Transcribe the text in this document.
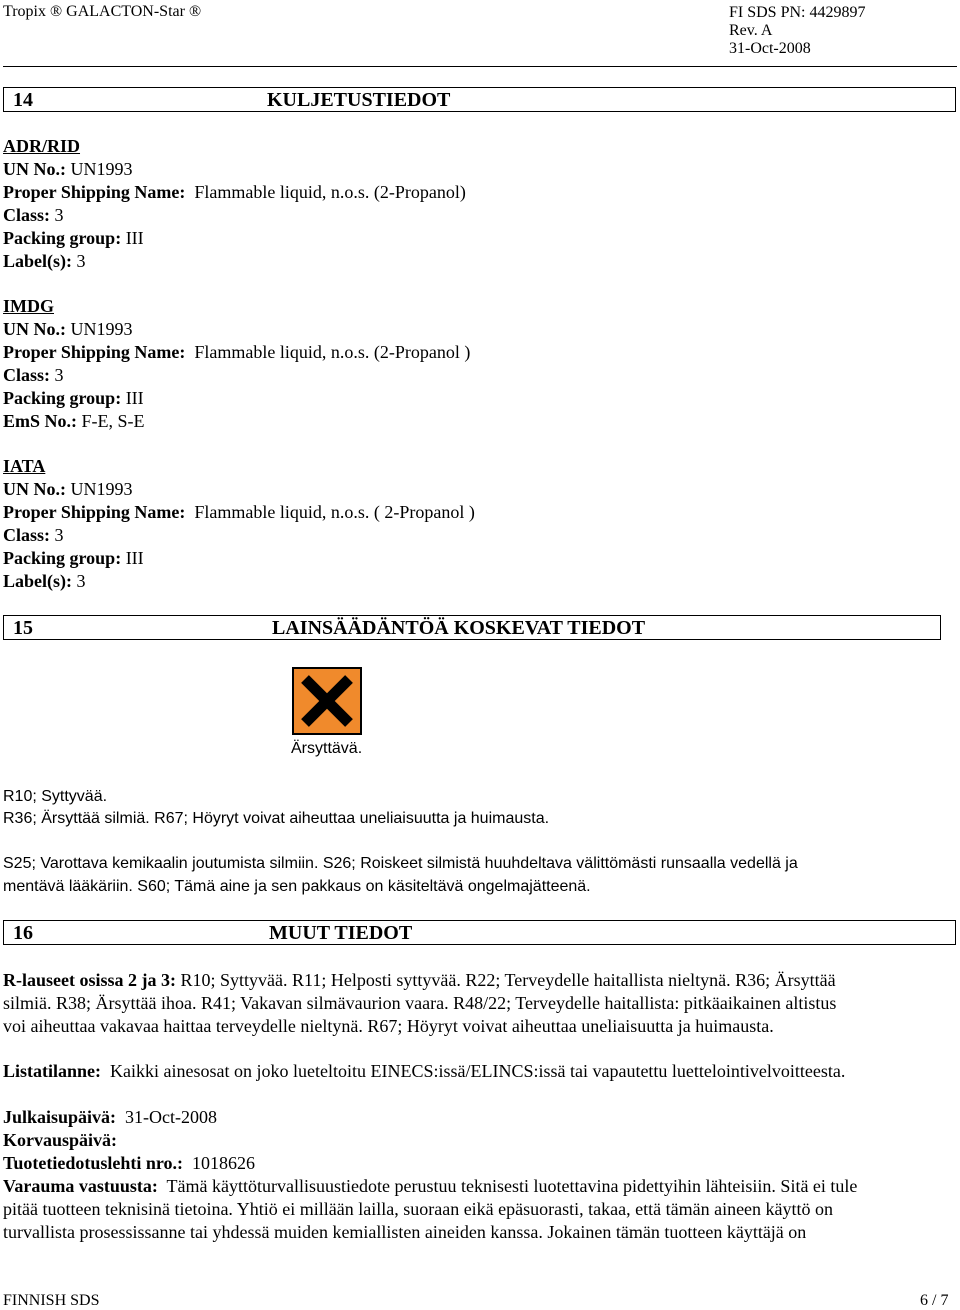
Tropix ® GALACTON-Star ®	FI SDS PN: 4429897
Rev. A
31-Oct-2008
14	KULJETUSTIEDOT
ADR/RID
UN No.: UN1993
Proper Shipping Name: Flammable liquid, n.o.s. (2-Propanol)
Class: 3
Packing group: III
Label(s): 3
IMDG
UN No.: UN1993
Proper Shipping Name: Flammable liquid, n.o.s. (2-Propanol )
Class: 3
Packing group: III
EmS No.: F-E, S-E
IATA
UN No.: UN1993
Proper Shipping Name: Flammable liquid, n.o.s. ( 2-Propanol )
Class: 3
Packing group: III
Label(s): 3
15	LAINSÄÄDÄNTÖÄ KOSKEVAT TIEDOT
Ärsyttävä.
R10; Syttyvää.
R36; Ärsyttää silmiä. R67; Höyryt voivat aiheuttaa uneliaisuutta ja huimausta.
S25; Varottava kemikaalin joutumista silmiin. S26; Roiskeet silmistä huuhdeltava välittömästi runsaalla vedellä ja
mentävä lääkäriin. S60; Tämä aine ja sen pakkaus on käsiteltävä ongelmajätteenä.
16	MUUT TIEDOT
R-lauseet osissa 2 ja 3: R10; Syttyvää. R11; Helposti syttyvää. R22; Terveydelle haitallista nieltynä. R36; Ärsyttää
silmiä. R38; Ärsyttää ihoa. R41; Vakavan silmävaurion vaara. R48/22; Terveydelle haitallista: pitkäaikainen altistus
voi aiheuttaa vakavaa haittaa terveydelle nieltynä. R67; Höyryt voivat aiheuttaa uneliaisuutta ja huimausta.
Listatilanne: Kaikki ainesosat on joko lueteltoitu EINECS:issä/ELINCS:issä tai vapautettu luettelointivelvoitteesta.
Julkaisupäivä: 31-Oct-2008
Korvauspäivä:
Tuotetiedotuslehti nro.: 1018626
Varauma vastuusta: Tämä käyttöturvallisuustiedote perustuu teknisesti luotettavina pidettyihin lähteisiin. Sitä ei tule
pitää tuotteen teknisinä tietoina. Yhtiö ei millään lailla, suoraan eikä epäsuorasti, takaa, että tämän aineen käyttö on
turvallista prosessissanne tai yhdessä muiden kemiallisten aineiden kanssa. Jokainen tämän tuotteen käyttäjä on
FINNISH SDS	6 / 7
